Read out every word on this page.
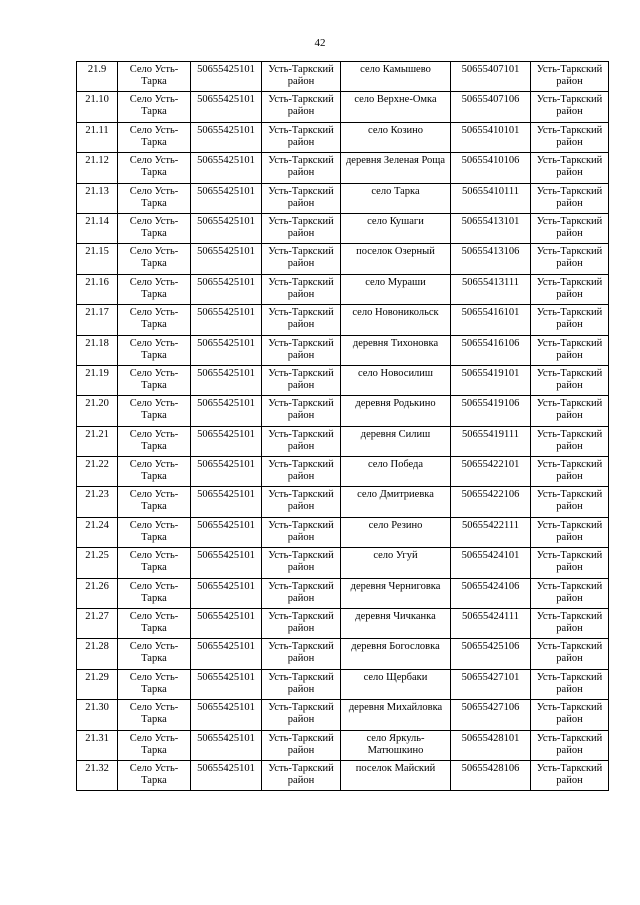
42
21.9	Село Усть-Тарка	50655425101	Усть-Таркский район	село Камышево	50655407101	Усть-Таркский район
21.10	Село Усть-Тарка	50655425101	Усть-Таркский район	село Верхне-Омка	50655407106	Усть-Таркский район
21.11	Село Усть-Тарка	50655425101	Усть-Таркский район	село Козино	50655410101	Усть-Таркский район
21.12	Село Усть-Тарка	50655425101	Усть-Таркский район	деревня Зеленая Роща	50655410106	Усть-Таркский район
21.13	Село Усть-Тарка	50655425101	Усть-Таркский район	село Тарка	50655410111	Усть-Таркский район
21.14	Село Усть-Тарка	50655425101	Усть-Таркский район	село Кушаги	50655413101	Усть-Таркский район
21.15	Село Усть-Тарка	50655425101	Усть-Таркский район	поселок Озерный	50655413106	Усть-Таркский район
21.16	Село Усть-Тарка	50655425101	Усть-Таркский район	село Мураши	50655413111	Усть-Таркский район
21.17	Село Усть-Тарка	50655425101	Усть-Таркский район	село Новоникольск	50655416101	Усть-Таркский район
21.18	Село Усть-Тарка	50655425101	Усть-Таркский район	деревня Тихоновка	50655416106	Усть-Таркский район
21.19	Село Усть-Тарка	50655425101	Усть-Таркский район	село Новосилиш	50655419101	Усть-Таркский район
21.20	Село Усть-Тарка	50655425101	Усть-Таркский район	деревня Родькино	50655419106	Усть-Таркский район
21.21	Село Усть-Тарка	50655425101	Усть-Таркский район	деревня Силиш	50655419111	Усть-Таркский район
21.22	Село Усть-Тарка	50655425101	Усть-Таркский район	село Победа	50655422101	Усть-Таркский район
21.23	Село Усть-Тарка	50655425101	Усть-Таркский район	село Дмитриевка	50655422106	Усть-Таркский район
21.24	Село Усть-Тарка	50655425101	Усть-Таркский район	село Резино	50655422111	Усть-Таркский район
21.25	Село Усть-Тарка	50655425101	Усть-Таркский район	село Угуй	50655424101	Усть-Таркский район
21.26	Село Усть-Тарка	50655425101	Усть-Таркский район	деревня Черниговка	50655424106	Усть-Таркский район
21.27	Село Усть-Тарка	50655425101	Усть-Таркский район	деревня Чичканка	50655424111	Усть-Таркский район
21.28	Село Усть-Тарка	50655425101	Усть-Таркский район	деревня Богословка	50655425106	Усть-Таркский район
21.29	Село Усть-Тарка	50655425101	Усть-Таркский район	село Щербаки	50655427101	Усть-Таркский район
21.30	Село Усть-Тарка	50655425101	Усть-Таркский район	деревня Михайловка	50655427106	Усть-Таркский район
21.31	Село Усть-Тарка	50655425101	Усть-Таркский район	село Яркуль-Матюшкино	50655428101	Усть-Таркский район
21.32	Село Усть-Тарка	50655425101	Усть-Таркский район	поселок Майский	50655428106	Усть-Таркский район
